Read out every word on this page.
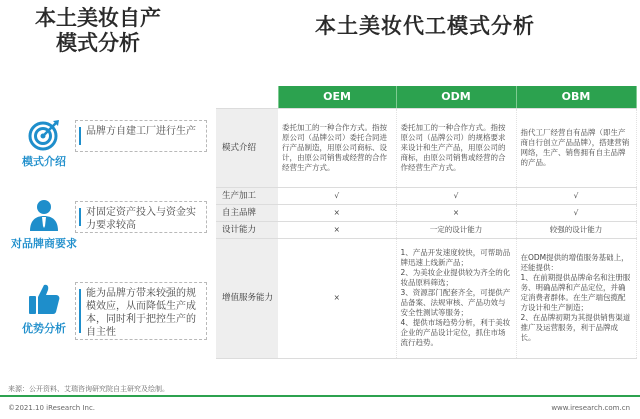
本土美妆自产
模式分析
本土美妆代工模式分析
模式介绍
品牌方自建工厂进行生产
对品牌商要求
对固定资产投入与资金实力要求较高
优势分析
能为品牌方带来较强的规模效应，从而降低生产成本，同时利于把控生产的自主性
	OEM	ODM	OBM
模式介绍	委托加工的一种合作方式。指按原公司（品牌公司）委托合同进行产品制造，用原公司商标、设计，由原公司销售或经营的合作经营生产方式。	委托加工的一种合作方式。指按原公司（品牌公司）的规格要求来设计和生产产品，用原公司的商标，由原公司销售或经营的合作经营生产方式。	指代工厂经营自有品牌（即生产商自行创立产品品牌），搭建营销网络，生产、销售拥有自主品牌的产品。
生产加工	√	√	√
自主品牌	×	×	√
设计能力	×	一定的设计能力	较强的设计能力
增值服务能力	×	1、产品开发速度较快，可帮助品牌迅速上线新产品；
2、为美妆企业提供较为齐全的化妆品原料筛选；
3、资源部门配套齐全，可提供产品备案、法规审核、产品功效与安全性测试等服务；
4、提供市场趋势分析，利于美妆企业的产品设计定位，抓住市场流行趋势。	在ODM提供的增值服务基础上，还能提供：
1、在前期提供品牌命名和注册服务、明确品牌和产品定位，并确定消费者群体。在生产端包揽配方设计和生产制造；
2、在品牌初期为其提供销售渠道推广及运营服务，利于品牌成长。
来源：公开资料、艾瑞咨询研究院自主研究及绘制。
©2021.10 iResearch Inc.	www.iresearch.com.cn
